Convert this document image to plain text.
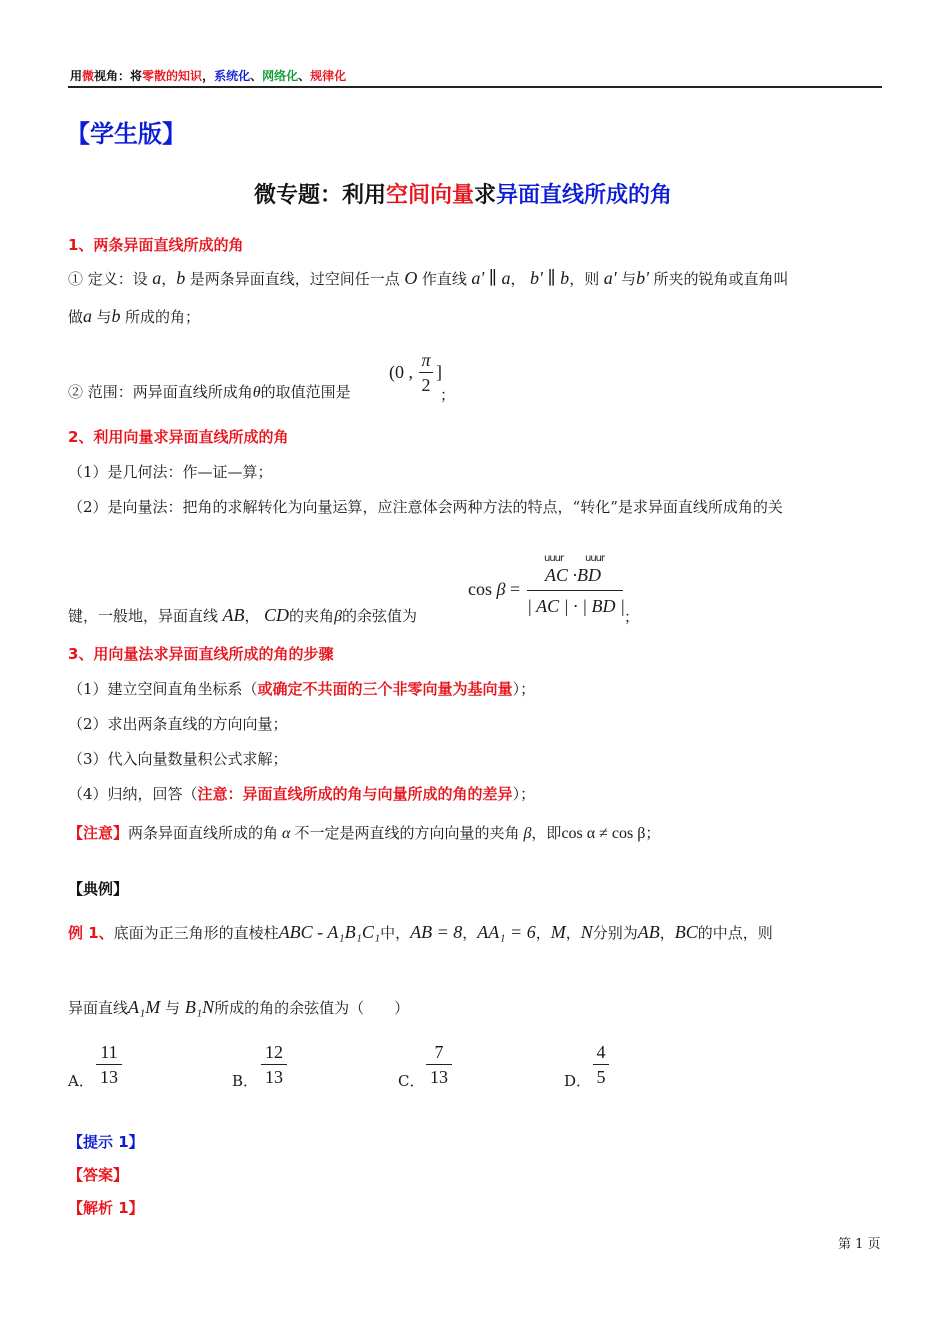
用微视角：将零散的知识，系统化、网络化、规律化
【学生版】
微专题：利用空间向量求异面直线所成的角
1、两条异面直线所成的角
① 定义：设 a，b 是两条异面直线，过空间任一点 O 作直线 a' ∥ a， b' ∥ b，则 a' 与b' 所夹的锐角或直角叫
做a 与b 所成的角；
② 范围：两异面直线所成角θ的取值范围是
(0 ,
π
2
]
；
2、利用向量求异面直线所成的角
（1）是几何法：作—证—算；
（2）是向量法：把角的求解转化为向量运算，应注意体会两种方法的特点，“转化”是求异面直线所成角的关
键，一般地，异面直线 AB， CD的夹角β的余弦值为
cos β =
uuur uuur
AC ·BD
| AC | · | BD |
；
3、用向量法求异面直线所成的角的步骤
（1）建立空间直角坐标系（或确定不共面的三个非零向量为基向量）；
（2）求出两条直线的方向向量；
（3）代入向量数量积公式求解；
（4）归纳，回答（注意：异面直线所成的角与向量所成的角的差异）；
【注意】两条异面直线所成的角 α 不一定是两直线的方向向量的夹角 β，即cos α ≠ cos β；
【典例】
例 1、底面为正三角形的直棱柱ABC - A₁B₁C₁中，AB = 8，AA₁ = 6，M，N分别为AB，BC的中点，则
异面直线A₁M 与 B₁N所成的角的余弦值为（　　）
A．
11
13	B．
12
13	C．
7
13	D．
4
5
【提示 1】
【答案】
【解析 1】
第 1 页
